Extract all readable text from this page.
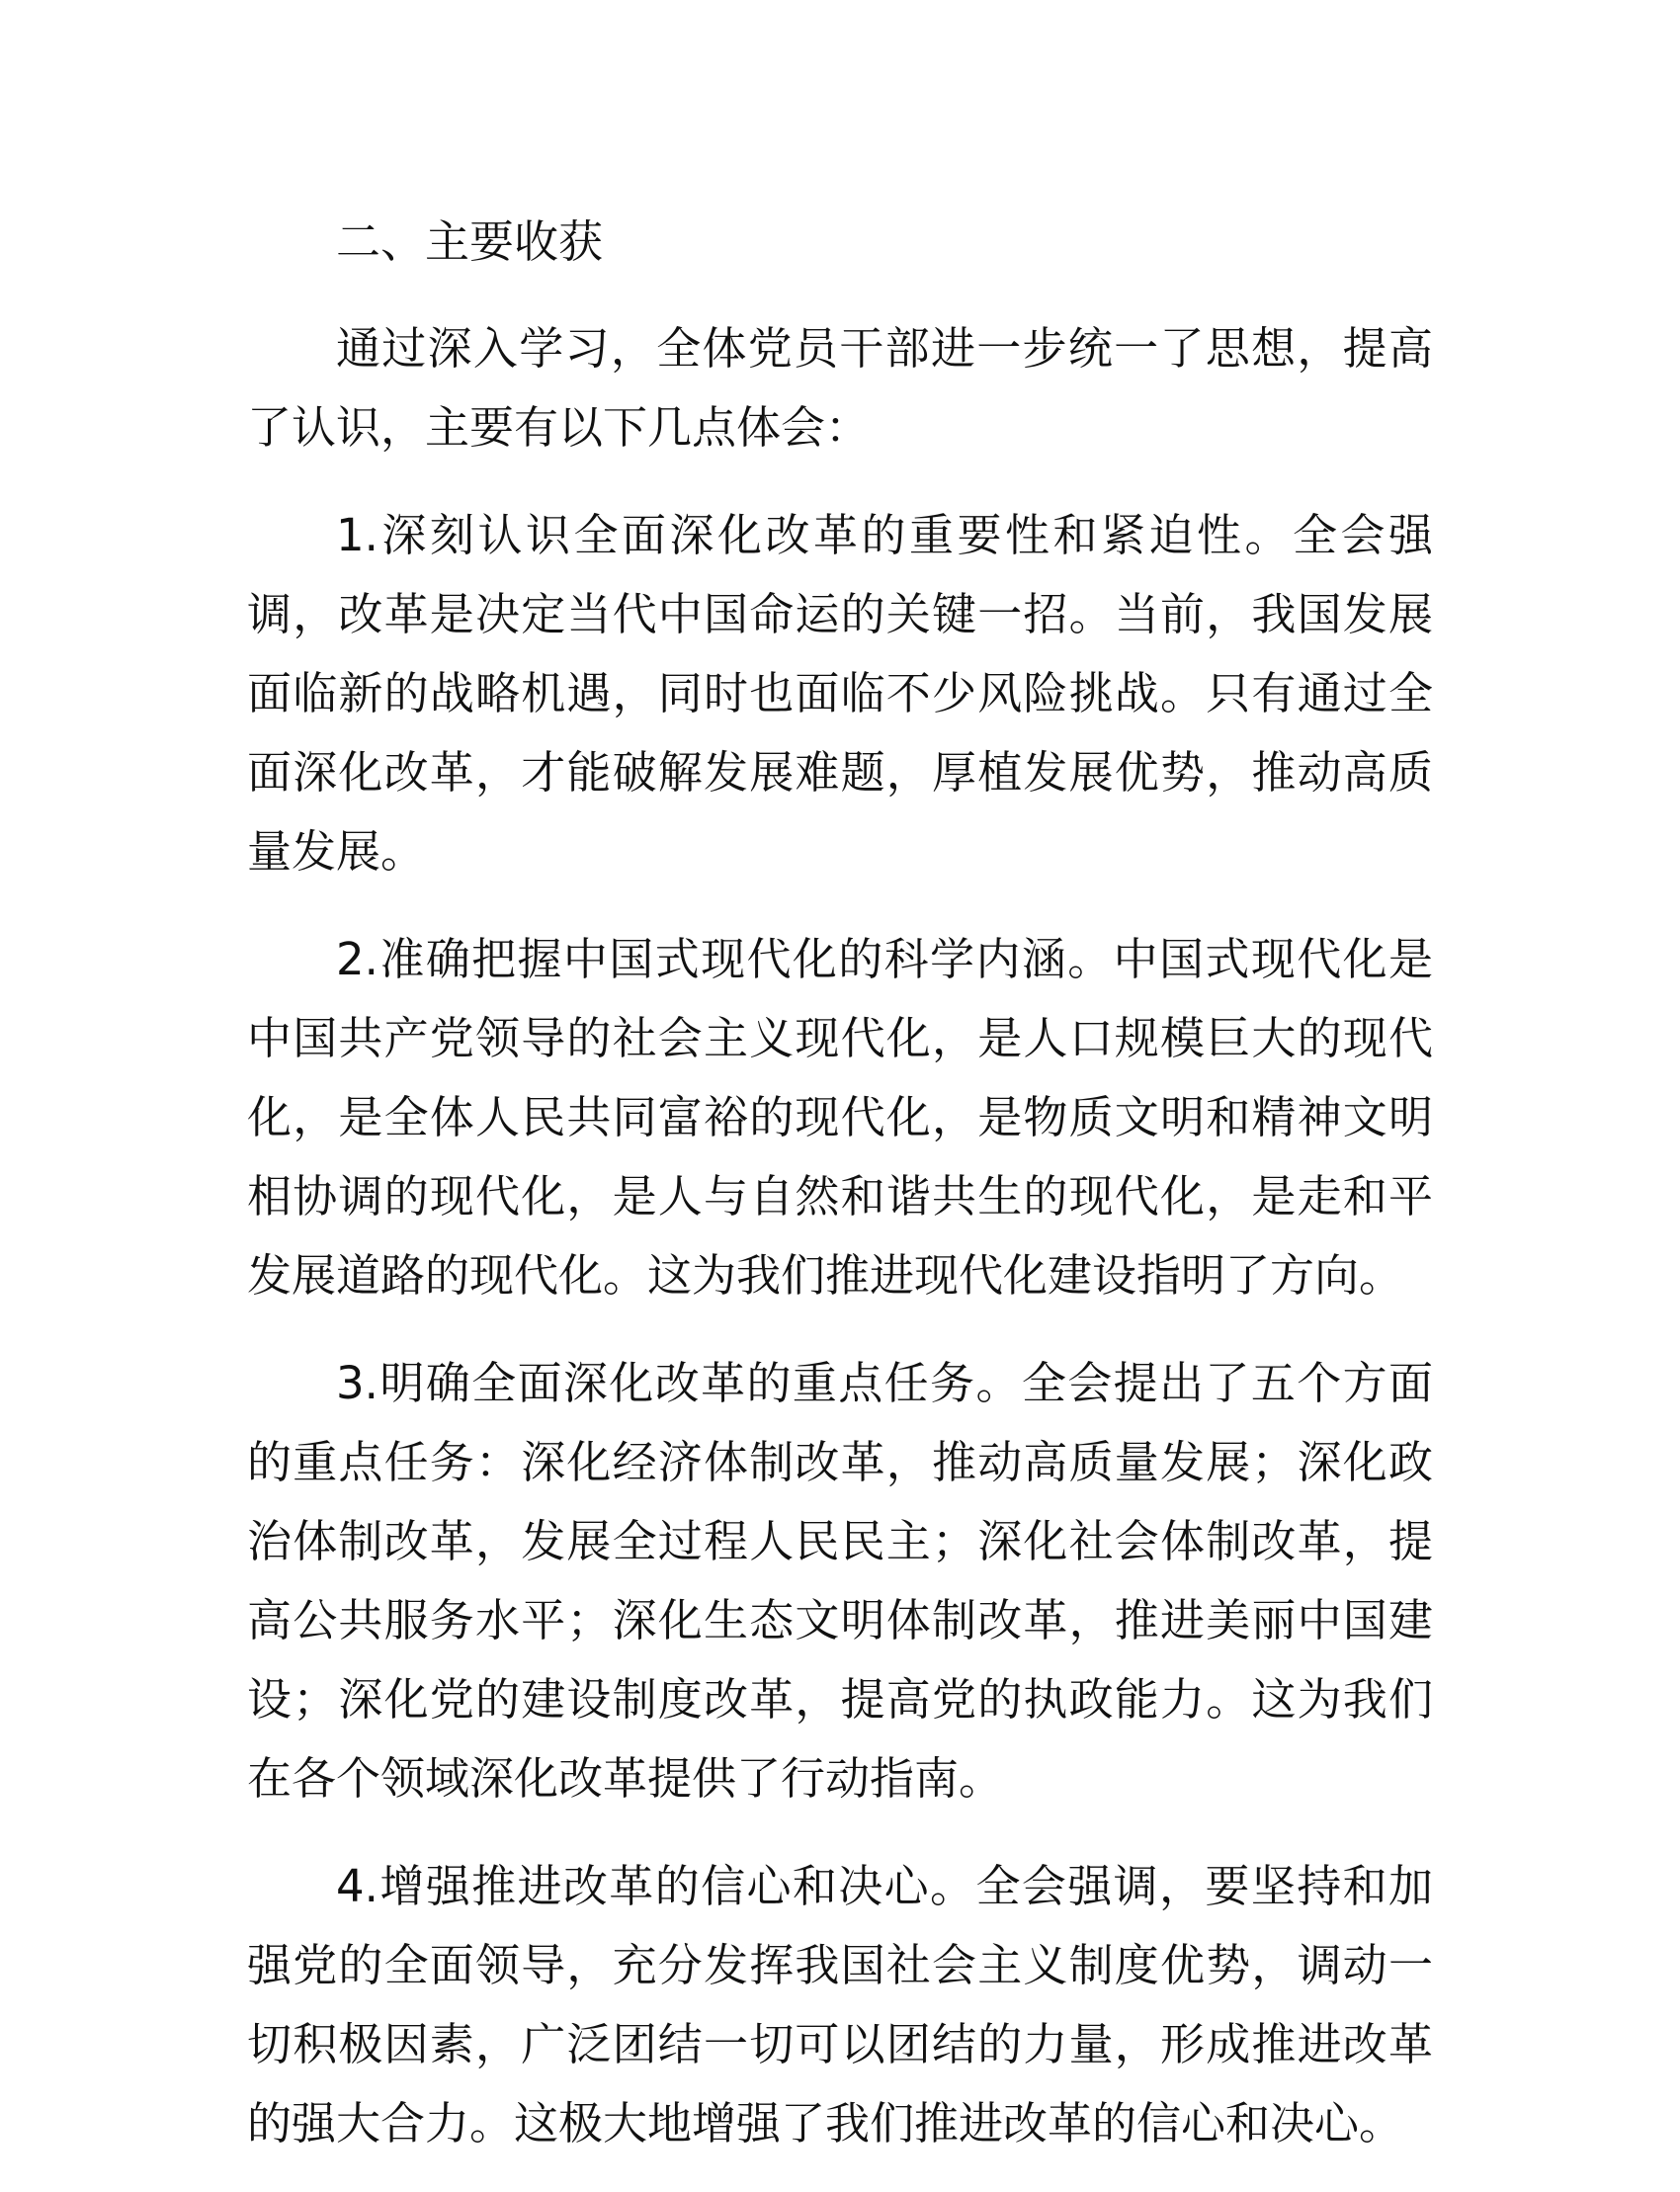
二、主要收获

通过深入学习，全体党员干部进一步统一了思想，提高了认识，主要有以下几点体会：

1.深刻认识全面深化改革的重要性和紧迫性。全会强调，改革是决定当代中国命运的关键一招。当前，我国发展面临新的战略机遇，同时也面临不少风险挑战。只有通过全面深化改革，才能破解发展难题，厚植发展优势，推动高质量发展。

2.准确把握中国式现代化的科学内涵。中国式现代化是中国共产党领导的社会主义现代化，是人口规模巨大的现代化，是全体人民共同富裕的现代化，是物质文明和精神文明相协调的现代化，是人与自然和谐共生的现代化，是走和平发展道路的现代化。这为我们推进现代化建设指明了方向。

3.明确全面深化改革的重点任务。全会提出了五个方面的重点任务：深化经济体制改革，推动高质量发展；深化政治体制改革，发展全过程人民民主；深化社会体制改革，提高公共服务水平；深化生态文明体制改革，推进美丽中国建设；深化党的建设制度改革，提高党的执政能力。这为我们在各个领域深化改革提供了行动指南。

4.增强推进改革的信心和决心。全会强调，要坚持和加强党的全面领导，充分发挥我国社会主义制度优势，调动一切积极因素，广泛团结一切可以团结的力量，形成推进改革的强大合力。这极大地增强了我们推进改革的信心和决心。
